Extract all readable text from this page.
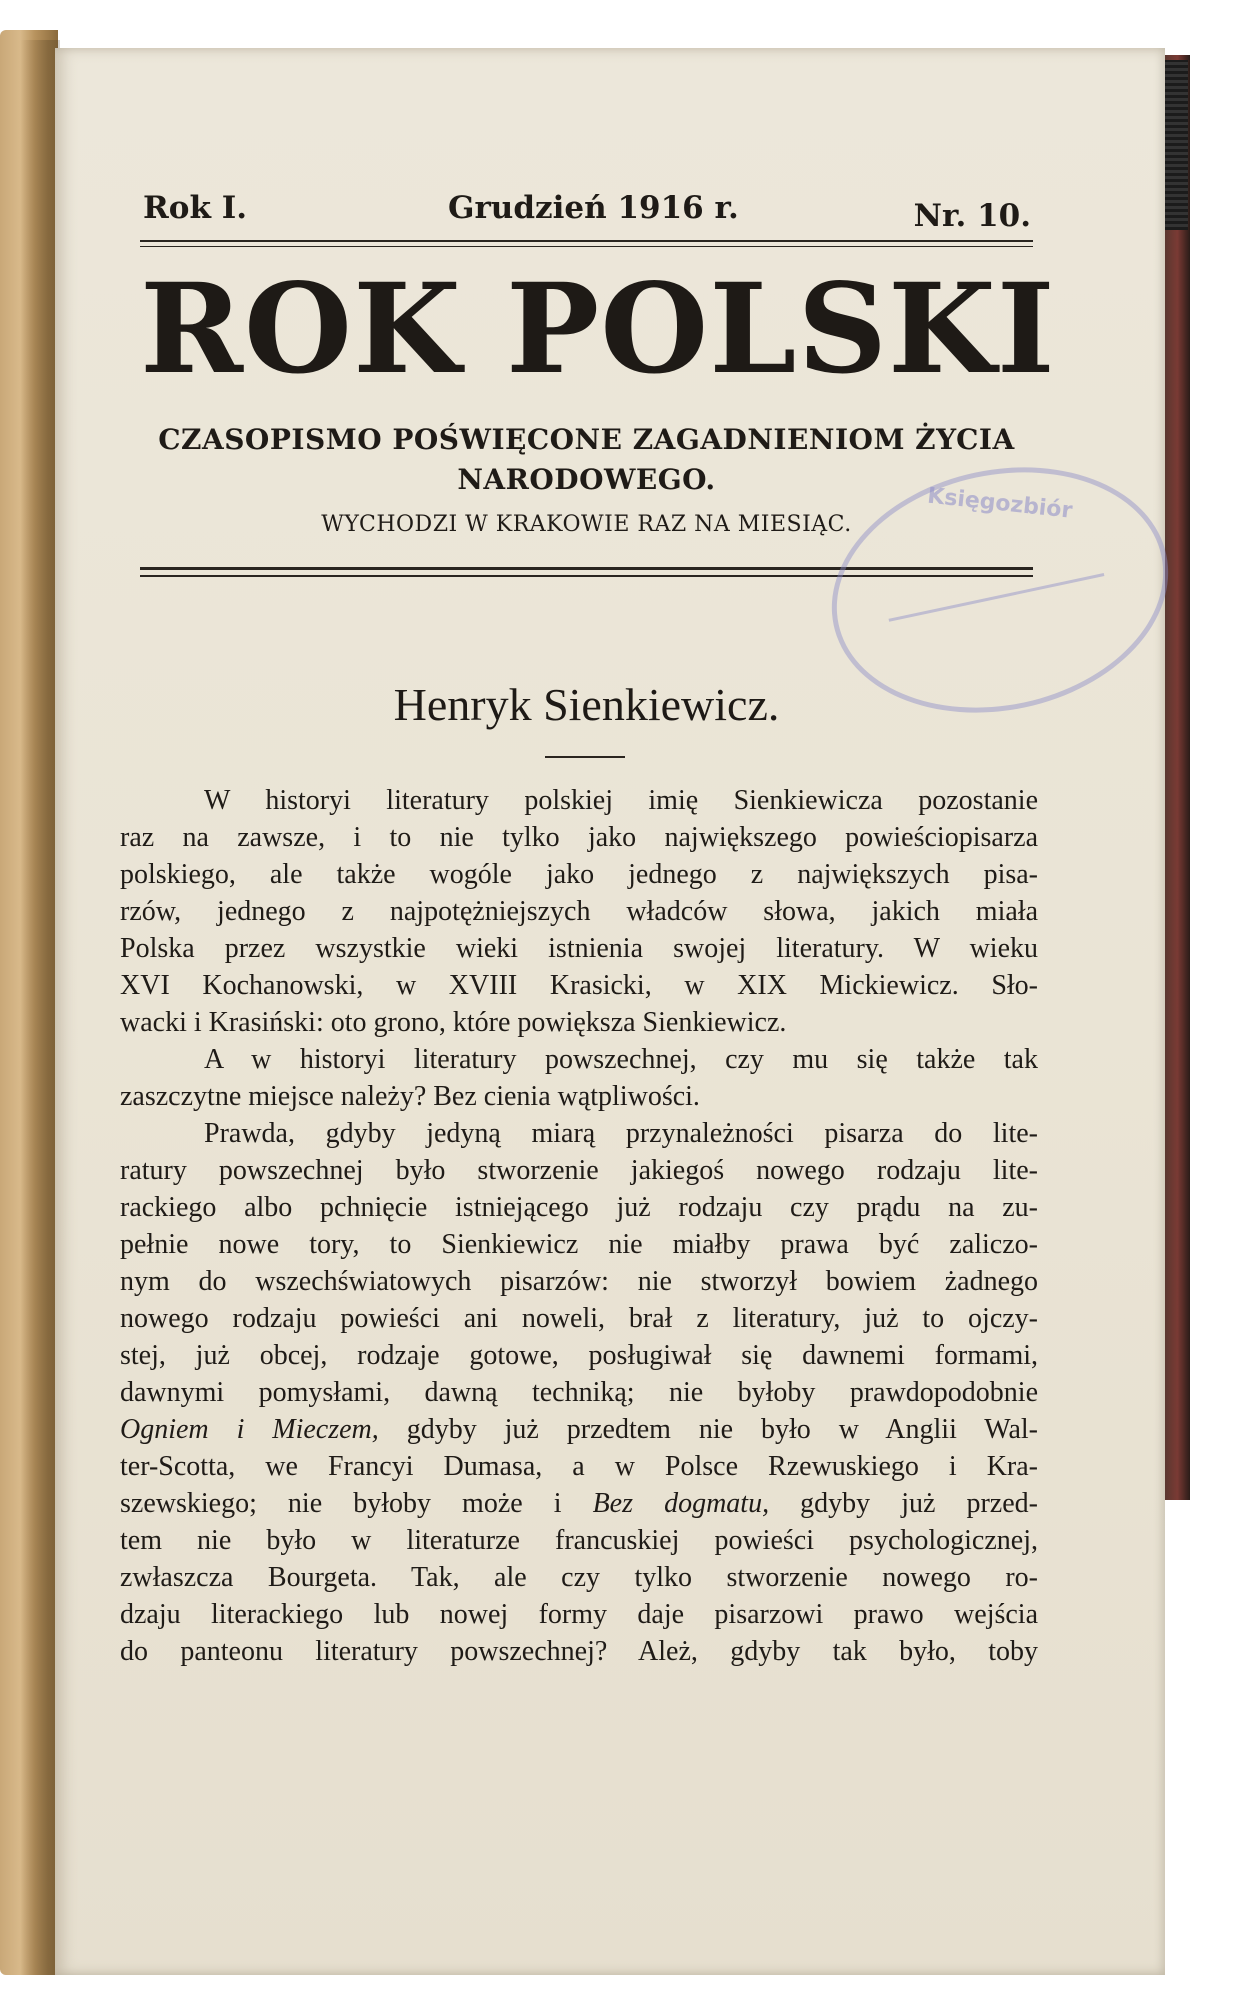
Rok I.	Grudzień 1916 r.	Nr. 10.
ROK POLSKI
CZASOPISMO POŚWIĘCONE ZAGADNIENIOM ŻYCIA
NARODOWEGO.
WYCHODZI W KRAKOWIE RAZ NA MIESIĄC.
Księgozbiór
Henryk Sienkiewicz.
W historyi literatury polskiej imię Sienkiewicza pozostanie
raz na zawsze, i to nie tylko jako największego powieściopisarza
polskiego, ale także wogóle jako jednego z największych pisa-
rzów, jednego z najpotężniejszych władców słowa, jakich miała
Polska przez wszystkie wieki istnienia swojej literatury. W wieku
XVI Kochanowski, w XVIII Krasicki, w XIX Mickiewicz. Sło-
wacki i Krasiński: oto grono, które powiększa Sienkiewicz.
A w historyi literatury powszechnej, czy mu się także tak
zaszczytne miejsce należy? Bez cienia wątpliwości.
Prawda, gdyby jedyną miarą przynależności pisarza do lite-
ratury powszechnej było stworzenie jakiegoś nowego rodzaju lite-
rackiego albo pchnięcie istniejącego już rodzaju czy prądu na zu-
pełnie nowe tory, to Sienkiewicz nie miałby prawa być zaliczo-
nym do wszechświatowych pisarzów: nie stworzył bowiem żadnego
nowego rodzaju powieści ani noweli, brał z literatury, już to ojczy-
stej, już obcej, rodzaje gotowe, posługiwał się dawnemi formami,
dawnymi pomysłami, dawną techniką; nie byłoby prawdopodobnie
Ogniem i Mieczem, gdyby już przedtem nie było w Anglii Wal-
ter-Scotta, we Francyi Dumasa, a w Polsce Rzewuskiego i Kra-
szewskiego; nie byłoby może i Bez dogmatu, gdyby już przed-
tem nie było w literaturze francuskiej powieści psychologicznej,
zwłaszcza Bourgeta. Tak, ale czy tylko stworzenie nowego ro-
dzaju literackiego lub nowej formy daje pisarzowi prawo wejścia
do panteonu literatury powszechnej? Ależ, gdyby tak było, toby
